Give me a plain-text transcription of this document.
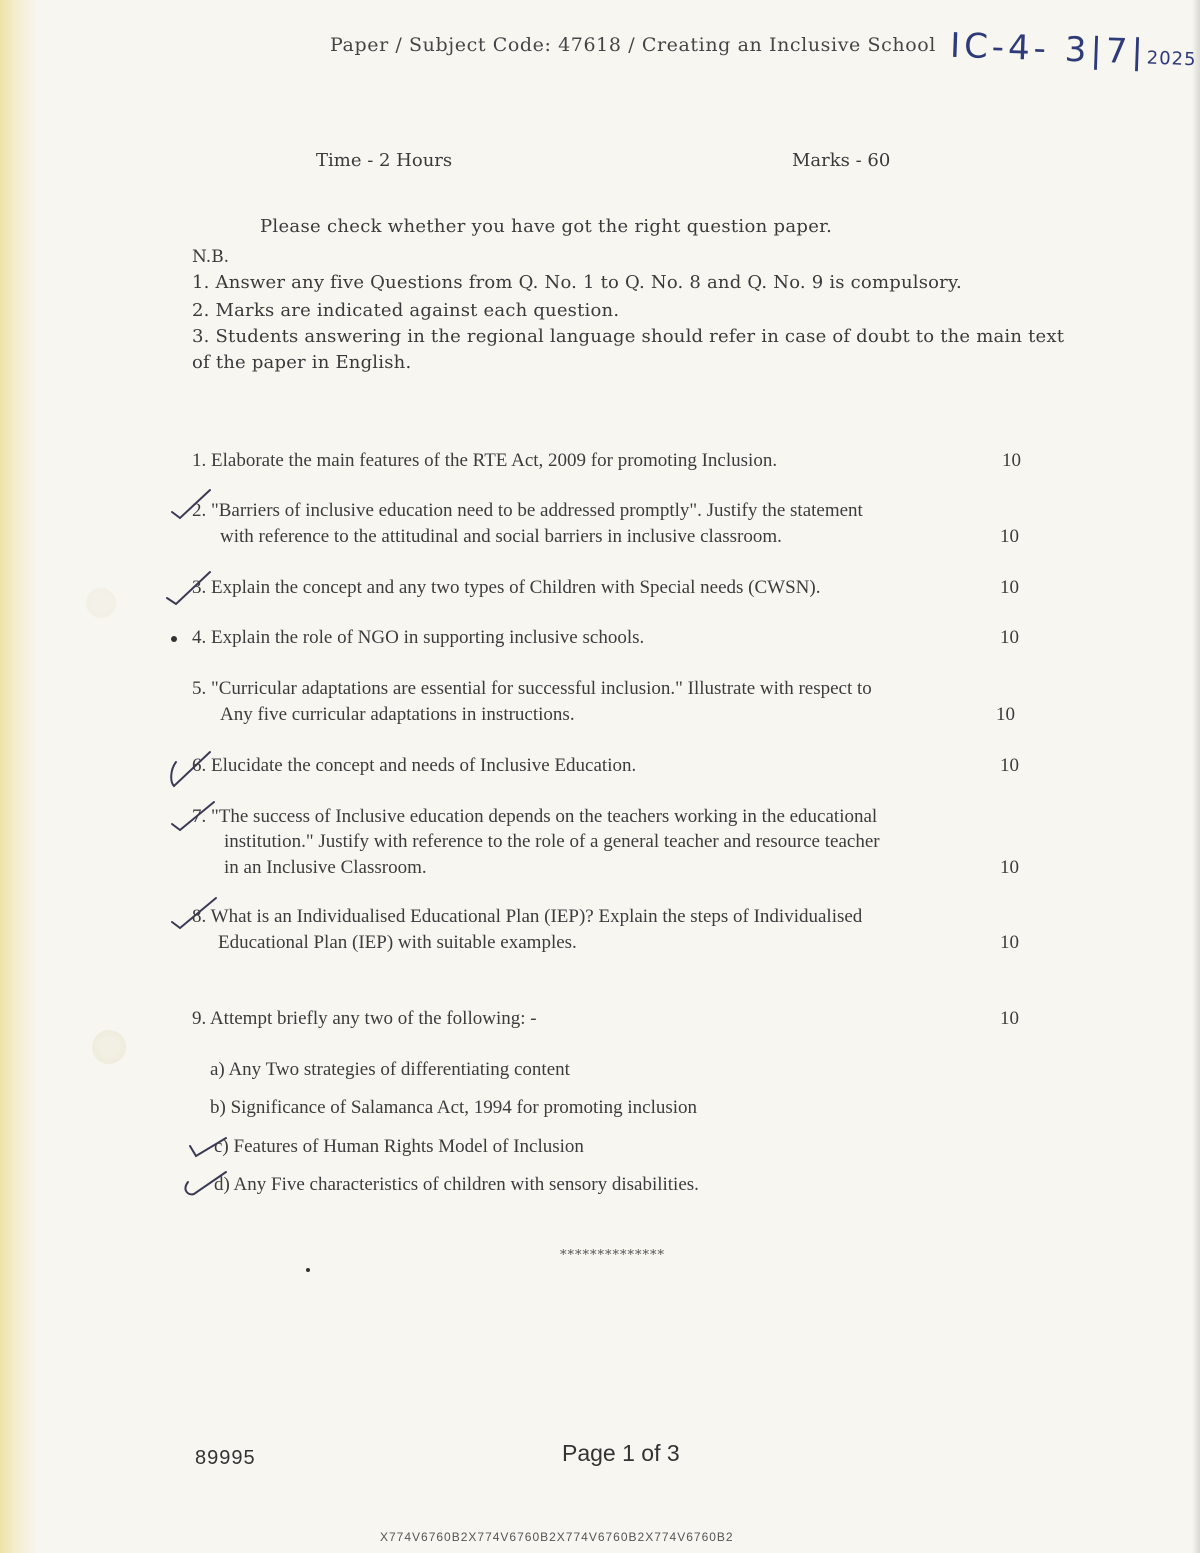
Paper / Subject Code: 47618 / Creating an Inclusive School IC-4- 3|7|2025
Time - 2 Hours	Marks - 60
Please check whether you have got the right question paper.
N.B.
1. Answer any five Questions from Q. No. 1 to Q. No. 8 and Q. No. 9 is compulsory.
2. Marks are indicated against each question.
3. Students answering in the regional language should refer in case of doubt to the main text
of the paper in English.
1. Elaborate the main features of the RTE Act, 2009 for promoting Inclusion.	10
2. "Barriers of inclusive education need to be addressed promptly". Justify the statement
with reference to the attitudinal and social barriers in inclusive classroom.	10
3. Explain the concept and any two types of Children with Special needs (CWSN).	10
4. Explain the role of NGO in supporting inclusive schools.	10
5. "Curricular adaptations are essential for successful inclusion." Illustrate with respect to
Any five curricular adaptations in instructions.	10
6. Elucidate the concept and needs of Inclusive Education.	10
7. "The success of Inclusive education depends on the teachers working in the educational
institution." Justify with reference to the role of a general teacher and resource teacher
in an Inclusive Classroom.	10
8. What is an Individualised Educational Plan (IEP)? Explain the steps of Individualised
Educational Plan (IEP) with suitable examples.	10
9. Attempt briefly any two of the following: -	10
a) Any Two strategies of differentiating content
b) Significance of Salamanca Act, 1994 for promoting inclusion
c) Features of Human Rights Model of Inclusion
d) Any Five characteristics of children with sensory disabilities.
**************
89995	Page 1 of 3
X774V6760B2X774V6760B2X774V6760B2X774V6760B2
